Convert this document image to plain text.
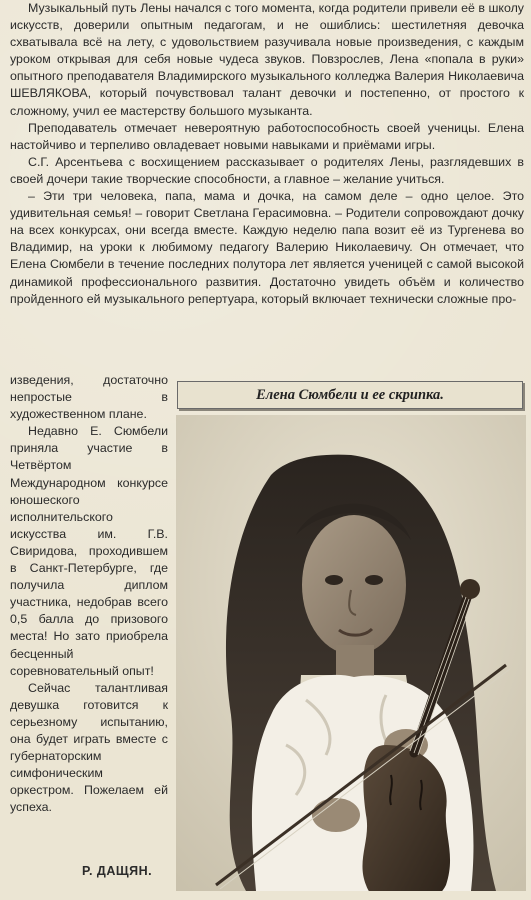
Музыкальный путь Лены начался с того момента, когда родители привели её в школу искусств, доверили опытным педагогам, и не ошиблись: шестилетняя девочка схватывала всё на лету, с удовольствием разучивала новые произведения, с каждым уроком открывая для себя новые чудеса звуков. Повзрослев, Лена «попала в руки» опытного преподавателя Владимирского музыкального колледжа Валерия Николаевича ШЕВЛЯКОВА, который почувствовал талант девочки и постепенно, от простого к сложному, учил ее мастерству большого музыканта.

Преподаватель отмечает невероятную работоспособность своей ученицы. Елена настойчиво и терпеливо овладевает новыми навыками и приёмами игры.

С.Г. Арсентьева с восхищением рассказывает о родителях Лены, разглядевших в своей дочери такие творческие способности, а главное – желание учиться.

– Эти три человека, папа, мама и дочка, на самом деле – одно целое. Это удивительная семья! – говорит Светлана Герасимовна. – Родители сопровождают дочку на всех конкурсах, они всегда вместе. Каждую неделю папа возит её из Тургенева во Владимир, на уроки к любимому педагогу Валерию Николаевичу. Он отмечает, что Елена Сюмбели в течение последних полутора лет является ученицей с самой высокой динамикой профессионального развития. Достаточно увидеть объём и количество пройденного ей музыкального репертуара, который включает технически сложные про-

изведения, достаточно непростые в художественном плане.

Недавно Е. Сюмбели приняла участие в Четвёртом Международном конкурсе юношеского исполнительского искусства им. Г.В. Свиридова, проходившем в Санкт-Петербурге, где получила диплом участника, недобрав всего 0,5 балла до призового места! Но зато приобрела бесценный соревновательный опыт!

Сейчас талантливая девушка готовится к серьезному испытанию, она будет играть вместе с губернаторским симфоническим оркестром. Пожелаем ей успеха.

Р. ДАЩЯН.
Елена Сюмбели и ее скрипка.
